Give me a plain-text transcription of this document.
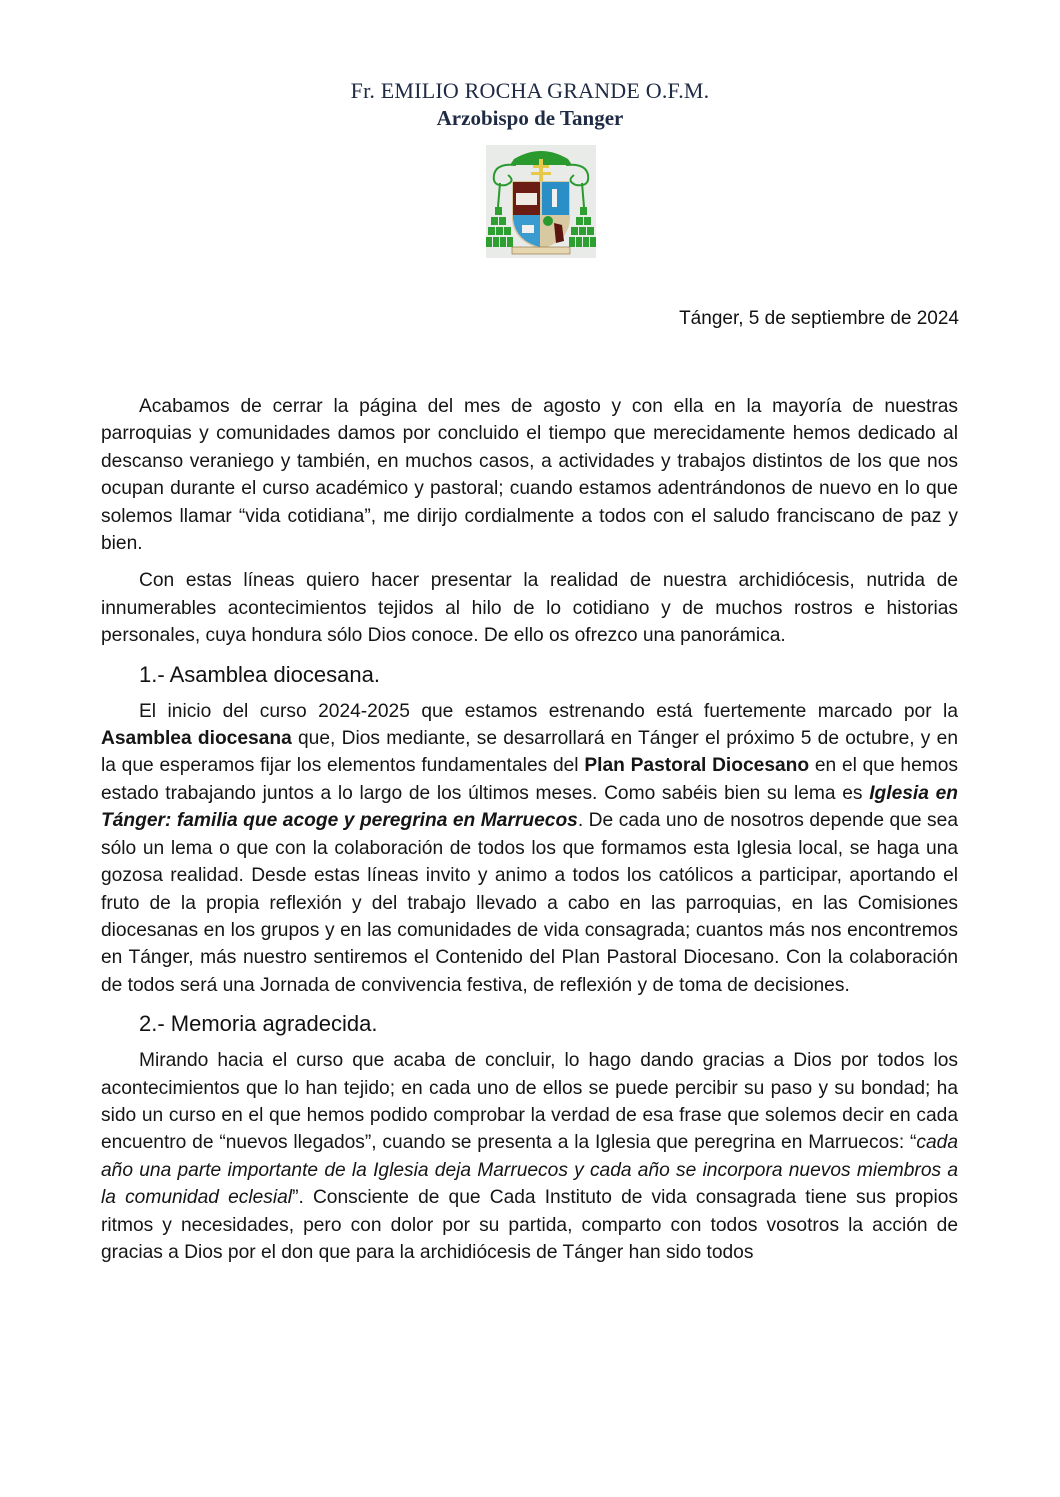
Fr. EMILIO ROCHA GRANDE O.F.M.
Arzobispo de Tanger
Tánger, 5 de septiembre de 2024

Acabamos de cerrar la página del mes de agosto y con ella en la mayoría de nuestras parroquias y comunidades damos por concluido el tiempo que merecidamente hemos dedicado al descanso veraniego y también, en muchos casos, a actividades y trabajos distintos de los que nos ocupan durante el curso académico y pastoral; cuando estamos adentrándonos de nuevo en lo que solemos llamar “vida cotidiana”, me dirijo cordialmente a todos con el saludo franciscano de paz y bien.

Con estas líneas quiero hacer presentar la realidad de nuestra archidiócesis, nutrida de innumerables acontecimientos tejidos al hilo de lo cotidiano y de muchos rostros e historias personales, cuya hondura sólo Dios conoce. De ello os ofrezco una panorámica.

1.- Asamblea diocesana.

El inicio del curso 2024-2025 que estamos estrenando está fuertemente marcado por la Asamblea diocesana que, Dios mediante, se desarrollará en Tánger el próximo 5 de octubre, y en la que esperamos fijar los elementos fundamentales del Plan Pastoral Diocesano en el que hemos estado trabajando juntos a lo largo de los últimos meses. Como sabéis bien su lema es Iglesia en Tánger: familia que acoge y peregrina en Marruecos. De cada uno de nosotros depende que sea sólo un lema o que con la colaboración de todos los que formamos esta Iglesia local, se haga una gozosa realidad. Desde estas líneas invito y animo a todos los católicos a participar, aportando el fruto de la propia reflexión y del trabajo llevado a cabo en las parroquias, en las Comisiones diocesanas en los grupos y en las comunidades de vida consagrada; cuantos más nos encontremos en Tánger, más nuestro sentiremos el Contenido del Plan Pastoral Diocesano. Con la colaboración de todos será una Jornada de convivencia festiva, de reflexión y de toma de decisiones.

2.- Memoria agradecida.

Mirando hacia el curso que acaba de concluir, lo hago dando gracias a Dios por todos los acontecimientos que lo han tejido; en cada uno de ellos se puede percibir su paso y su bondad; ha sido un curso en el que hemos podido comprobar la verdad de esa frase que solemos decir en cada encuentro de “nuevos llegados”, cuando se presenta a la Iglesia que peregrina en Marruecos: “cada año una parte importante de la Iglesia deja Marruecos y cada año se incorpora nuevos miembros a la comunidad eclesial”. Consciente de que Cada Instituto de vida consagrada tiene sus propios ritmos y necesidades, pero con dolor por su partida, comparto con todos vosotros la acción de gracias a Dios por el don que para la archidiócesis de Tánger han sido todos
